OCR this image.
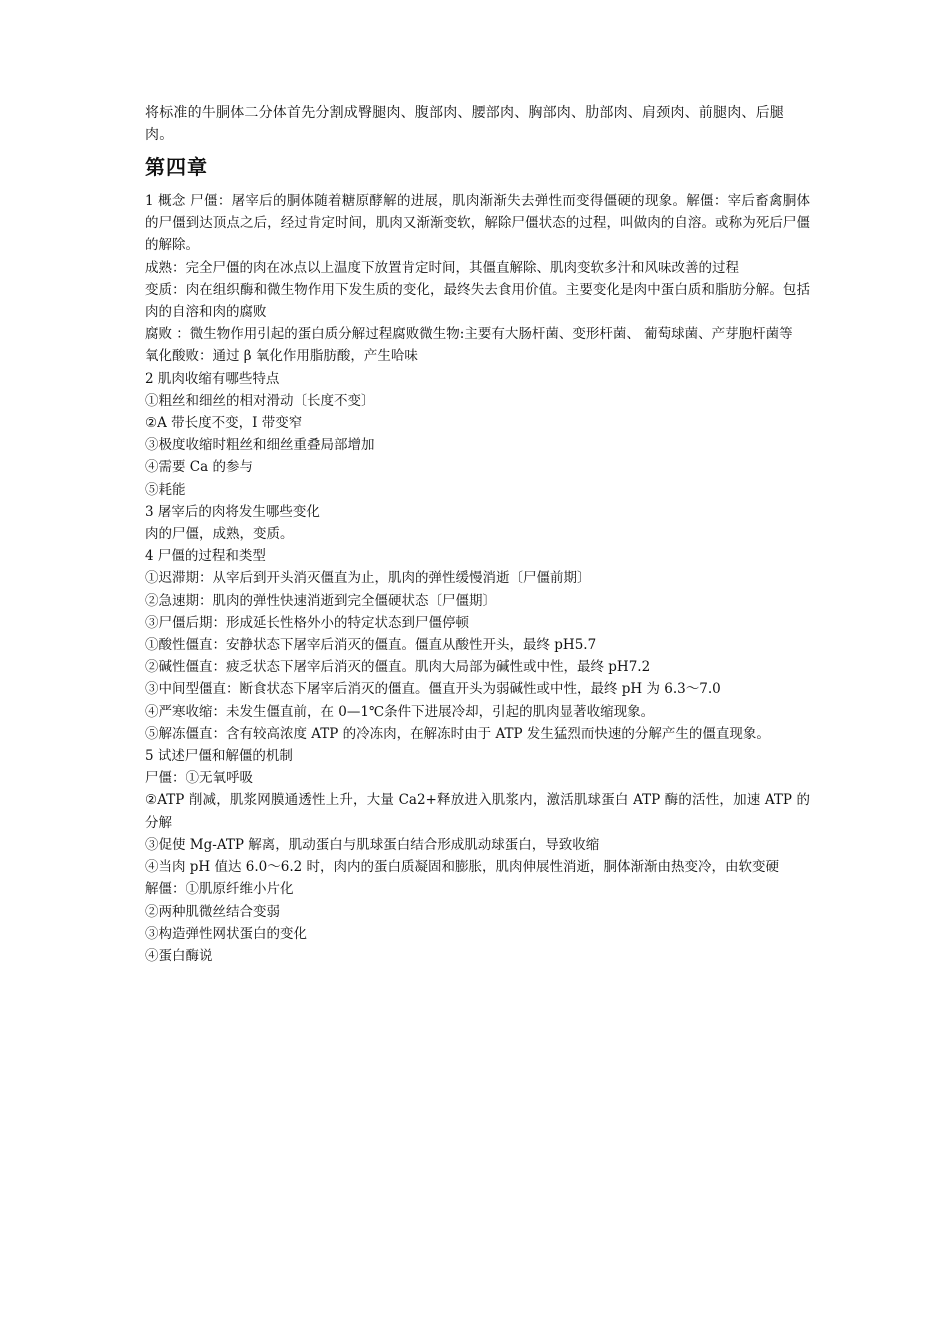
将标准的牛胴体二分体首先分割成臀腿肉、腹部肉、腰部肉、胸部肉、肋部肉、肩颈肉、前腿肉、后腿肉。

第四章

1 概念 尸僵：屠宰后的胴体随着糖原酵解的进展，肌肉渐渐失去弹性而变得僵硬的现象。解僵：宰后畜禽胴体的尸僵到达顶点之后，经过肯定时间，肌肉又渐渐变软，解除尸僵状态的过程，叫做肉的自溶。或称为死后尸僵的解除。

成熟：完全尸僵的肉在冰点以上温度下放置肯定时间，其僵直解除、肌肉变软多汁和风味改善的过程

变质：肉在组织酶和微生物作用下发生质的变化，最终失去食用价值。主要变化是肉中蛋白质和脂肪分解。包括肉的自溶和肉的腐败

腐败 ：微生物作用引起的蛋白质分解过程腐败微生物:主要有大肠杆菌、变形杆菌、 葡萄球菌、产芽胞杆菌等

氧化酸败：通过 β 氧化作用脂肪酸，产生哈味

2 肌肉收缩有哪些特点

①粗丝和细丝的相对滑动〔长度不变〕

②A 带长度不变，I 带变窄

③极度收缩时粗丝和细丝重叠局部增加

④需要 Ca 的参与

⑤耗能

3 屠宰后的肉将发生哪些变化

肉的尸僵，成熟，变质。

4 尸僵的过程和类型

①迟滞期：从宰后到开头消灭僵直为止，肌肉的弹性缓慢消逝〔尸僵前期〕

②急速期：肌肉的弹性快速消逝到完全僵硬状态〔尸僵期〕

③尸僵后期：形成延长性格外小的特定状态到尸僵停顿

①酸性僵直：安静状态下屠宰后消灭的僵直。僵直从酸性开头，最终 pH5.7

②碱性僵直：疲乏状态下屠宰后消灭的僵直。肌肉大局部为碱性或中性，最终 pH7.2

③中间型僵直：断食状态下屠宰后消灭的僵直。僵直开头为弱碱性或中性，最终 pH 为 6.3～7.0

④严寒收缩：未发生僵直前，在 0—1℃条件下进展冷却，引起的肌肉显著收缩现象。

⑤解冻僵直：含有较高浓度 ATP 的冷冻肉，在解冻时由于 ATP 发生猛烈而快速的分解产生的僵直现象。

5 试述尸僵和解僵的机制

尸僵：①无氧呼吸

②ATP 削减，肌浆网膜通透性上升，大量 Ca2+释放进入肌浆内，激活肌球蛋白 ATP 酶的活性，加速 ATP 的分解

③促使 Mg-ATP 解离，肌动蛋白与肌球蛋白结合形成肌动球蛋白，导致收缩

④当肉 pH 值达 6.0～6.2 时，肉内的蛋白质凝固和膨胀，肌肉伸展性消逝，胴体渐渐由热变冷，由软变硬

解僵：①肌原纤维小片化

②两种肌微丝结合变弱

③构造弹性网状蛋白的变化

④蛋白酶说
